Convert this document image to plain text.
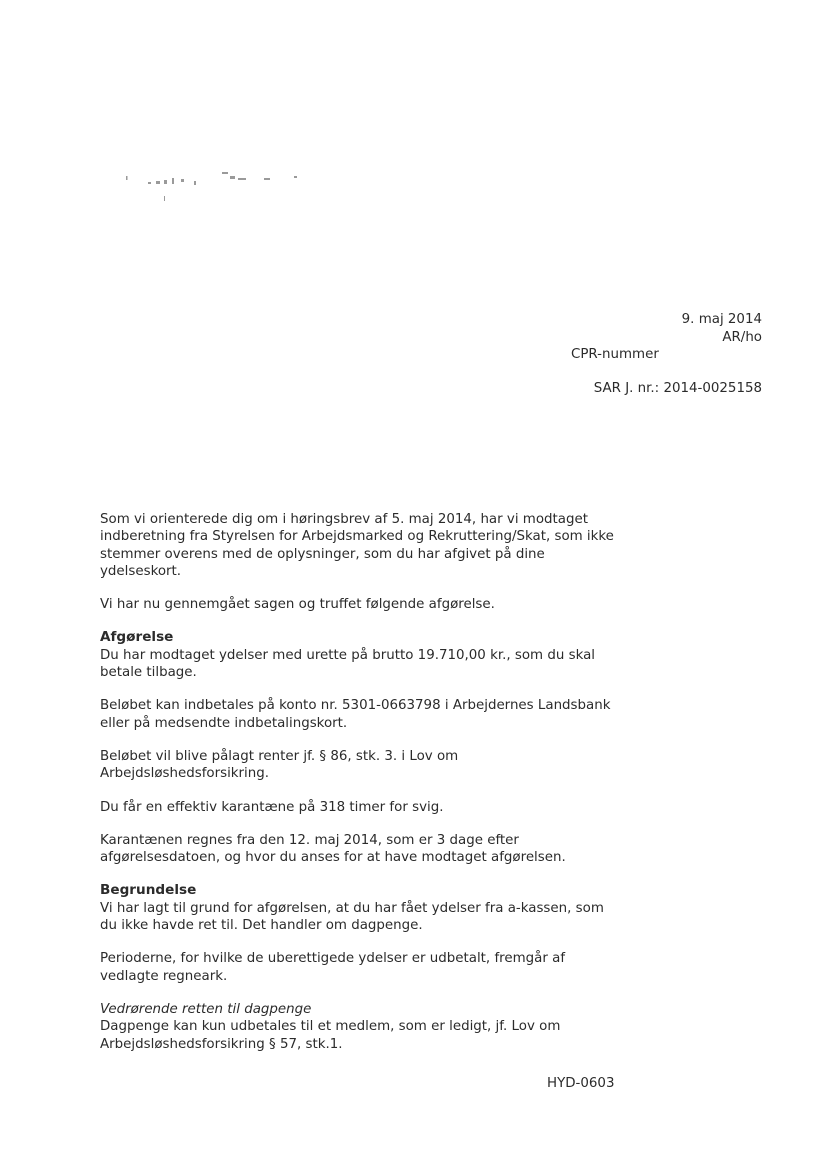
9. maj 2014
AR/ho
CPR-nummer
SAR J. nr.: 2014-0025158

Som vi orienterede dig om i høringsbrev af 5. maj 2014, har vi modtaget indberetning fra Styrelsen for Arbejdsmarked og Rekruttering/Skat, som ikke stemmer overens med de oplysninger, som du har afgivet på dine ydelseskort.

Vi har nu gennemgået sagen og truffet følgende afgørelse.

Afgørelse

Du har modtaget ydelser med urette på brutto 19.710,00 kr., som du skal betale tilbage.

Beløbet kan indbetales på konto nr. 5301-0663798 i Arbejdernes Landsbank eller på medsendte indbetalingskort.

Beløbet vil blive pålagt renter jf. § 86, stk. 3. i Lov om Arbejdsløshedsforsikring.

Du får en effektiv karantæne på 318 timer for svig.

Karantænen regnes fra den 12. maj 2014, som er 3 dage efter afgørelsesdatoen, og hvor du anses for at have modtaget afgørelsen.

Begrundelse

Vi har lagt til grund for afgørelsen, at du har fået ydelser fra a-kassen, som du ikke havde ret til. Det handler om dagpenge.

Perioderne, for hvilke de uberettigede ydelser er udbetalt, fremgår af vedlagte regneark.

Vedrørende retten til dagpenge

Dagpenge kan kun udbetales til et medlem, som er ledigt, jf. Lov om Arbejdsløshedsforsikring § 57, stk.1.

HYD-0603
